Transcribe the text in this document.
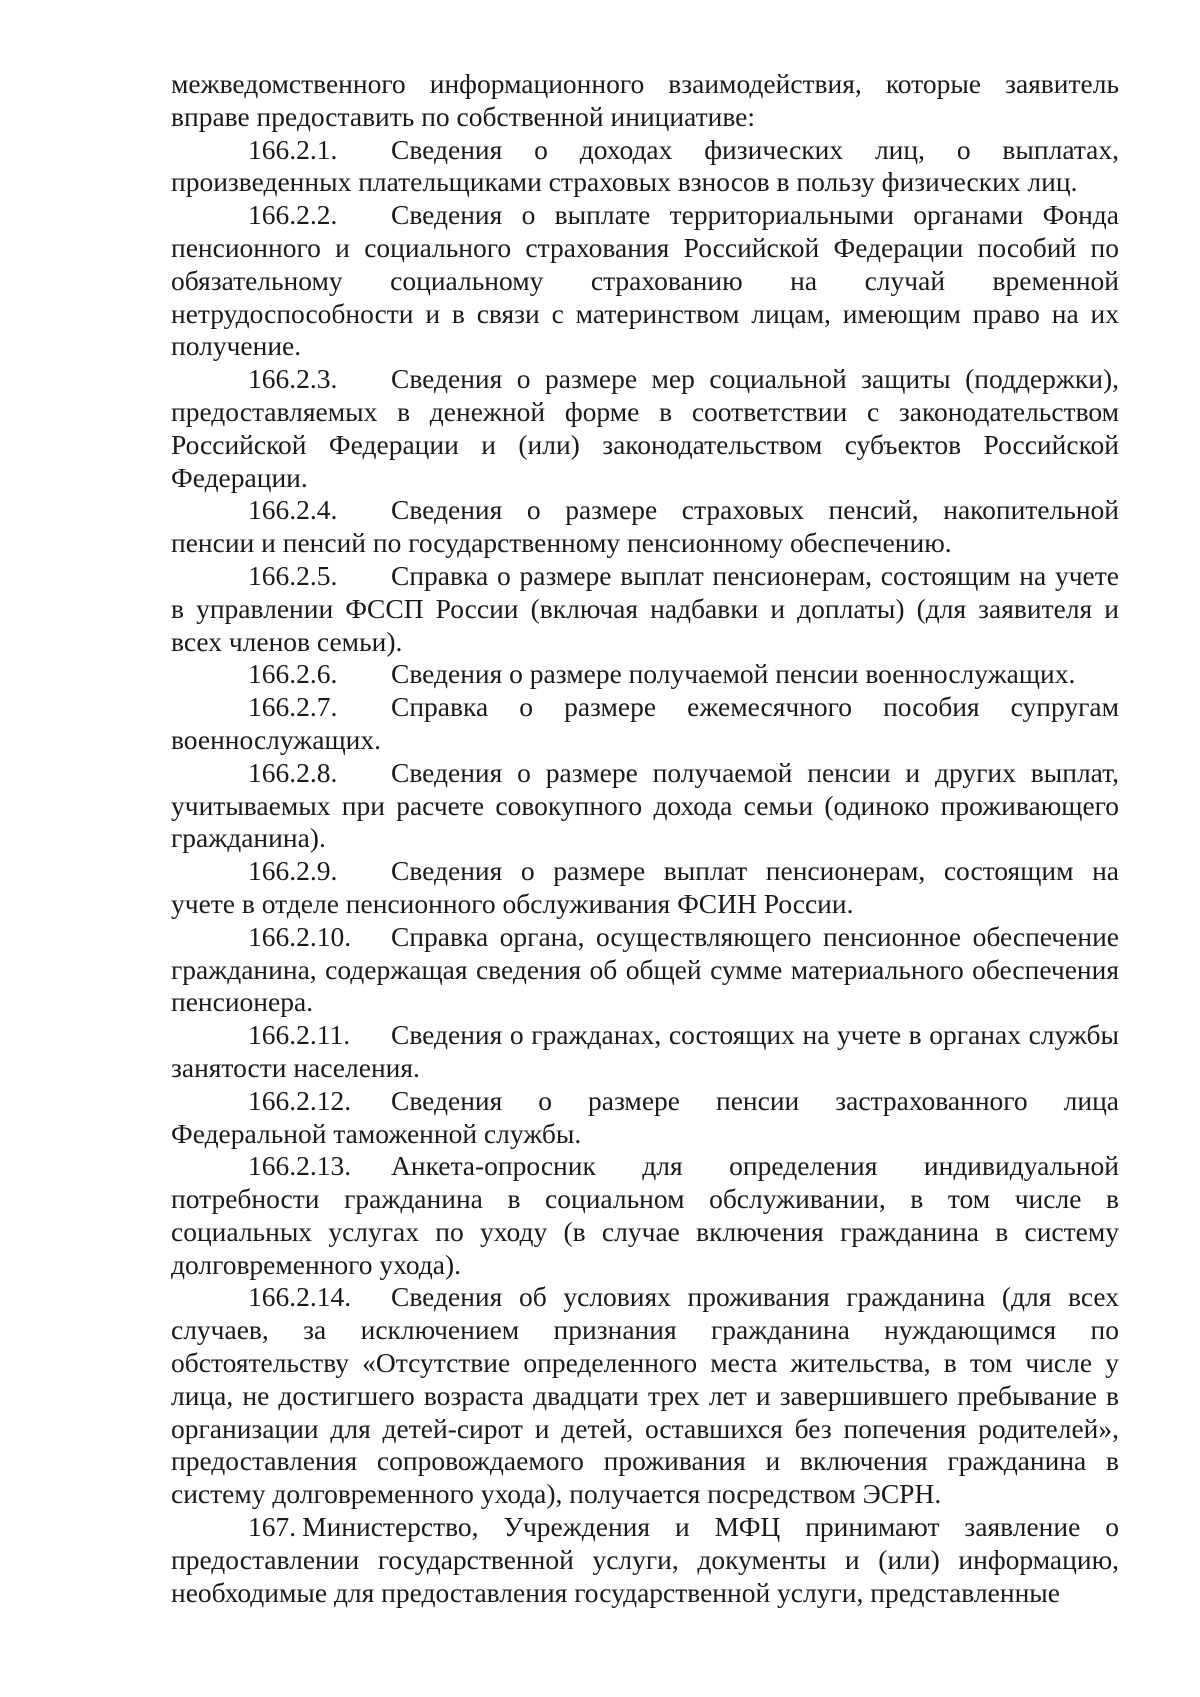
межведомственного информационного взаимодействия, которые заявитель вправе предоставить по собственной инициативе:

166.2.1. Сведения о доходах физических лиц, о выплатах, произведенных плательщиками страховых взносов в пользу физических лиц.

166.2.2. Сведения о выплате территориальными органами Фонда пенсионного и социального страхования Российской Федерации пособий по обязательному социальному страхованию на случай временной нетрудоспособности и в связи с материнством лицам, имеющим право на их получение.

166.2.3. Сведения о размере мер социальной защиты (поддержки), предоставляемых в денежной форме в соответствии с законодательством Российской Федерации и (или) законодательством субъектов Российской Федерации.

166.2.4. Сведения о размере страховых пенсий, накопительной пенсии и пенсий по государственному пенсионному обеспечению.

166.2.5. Справка о размере выплат пенсионерам, состоящим на учете в управлении ФССП России (включая надбавки и доплаты) (для заявителя и всех членов семьи).

166.2.6. Сведения о размере получаемой пенсии военнослужащих.

166.2.7. Справка о размере ежемесячного пособия супругам военнослужащих.

166.2.8. Сведения о размере получаемой пенсии и других выплат, учитываемых при расчете совокупного дохода семьи (одиноко проживающего гражданина).

166.2.9. Сведения о размере выплат пенсионерам, состоящим на учете в отделе пенсионного обслуживания ФСИН России.

166.2.10. Справка органа, осуществляющего пенсионное обеспечение гражданина, содержащая сведения об общей сумме материального обеспечения пенсионера.

166.2.11. Сведения о гражданах, состоящих на учете в органах службы занятости населения.

166.2.12. Сведения о размере пенсии застрахованного лица Федеральной таможенной службы.

166.2.13. Анкета-опросник для определения индивидуальной потребности гражданина в социальном обслуживании, в том числе в социальных услугах по уходу (в случае включения гражданина в систему долговременного ухода).

166.2.14. Сведения об условиях проживания гражданина (для всех случаев, за исключением признания гражданина нуждающимся по обстоятельству «Отсутствие определенного места жительства, в том числе у лица, не достигшего возраста двадцати трех лет и завершившего пребывание в организации для детей-сирот и детей, оставшихся без попечения родителей», предоставления сопровождаемого проживания и включения гражданина в систему долговременного ухода), получается посредством ЭСРН.

167. Министерство, Учреждения и МФЦ принимают заявление о предоставлении государственной услуги, документы и (или) информацию, необходимые для предоставления государственной услуги, представленные
